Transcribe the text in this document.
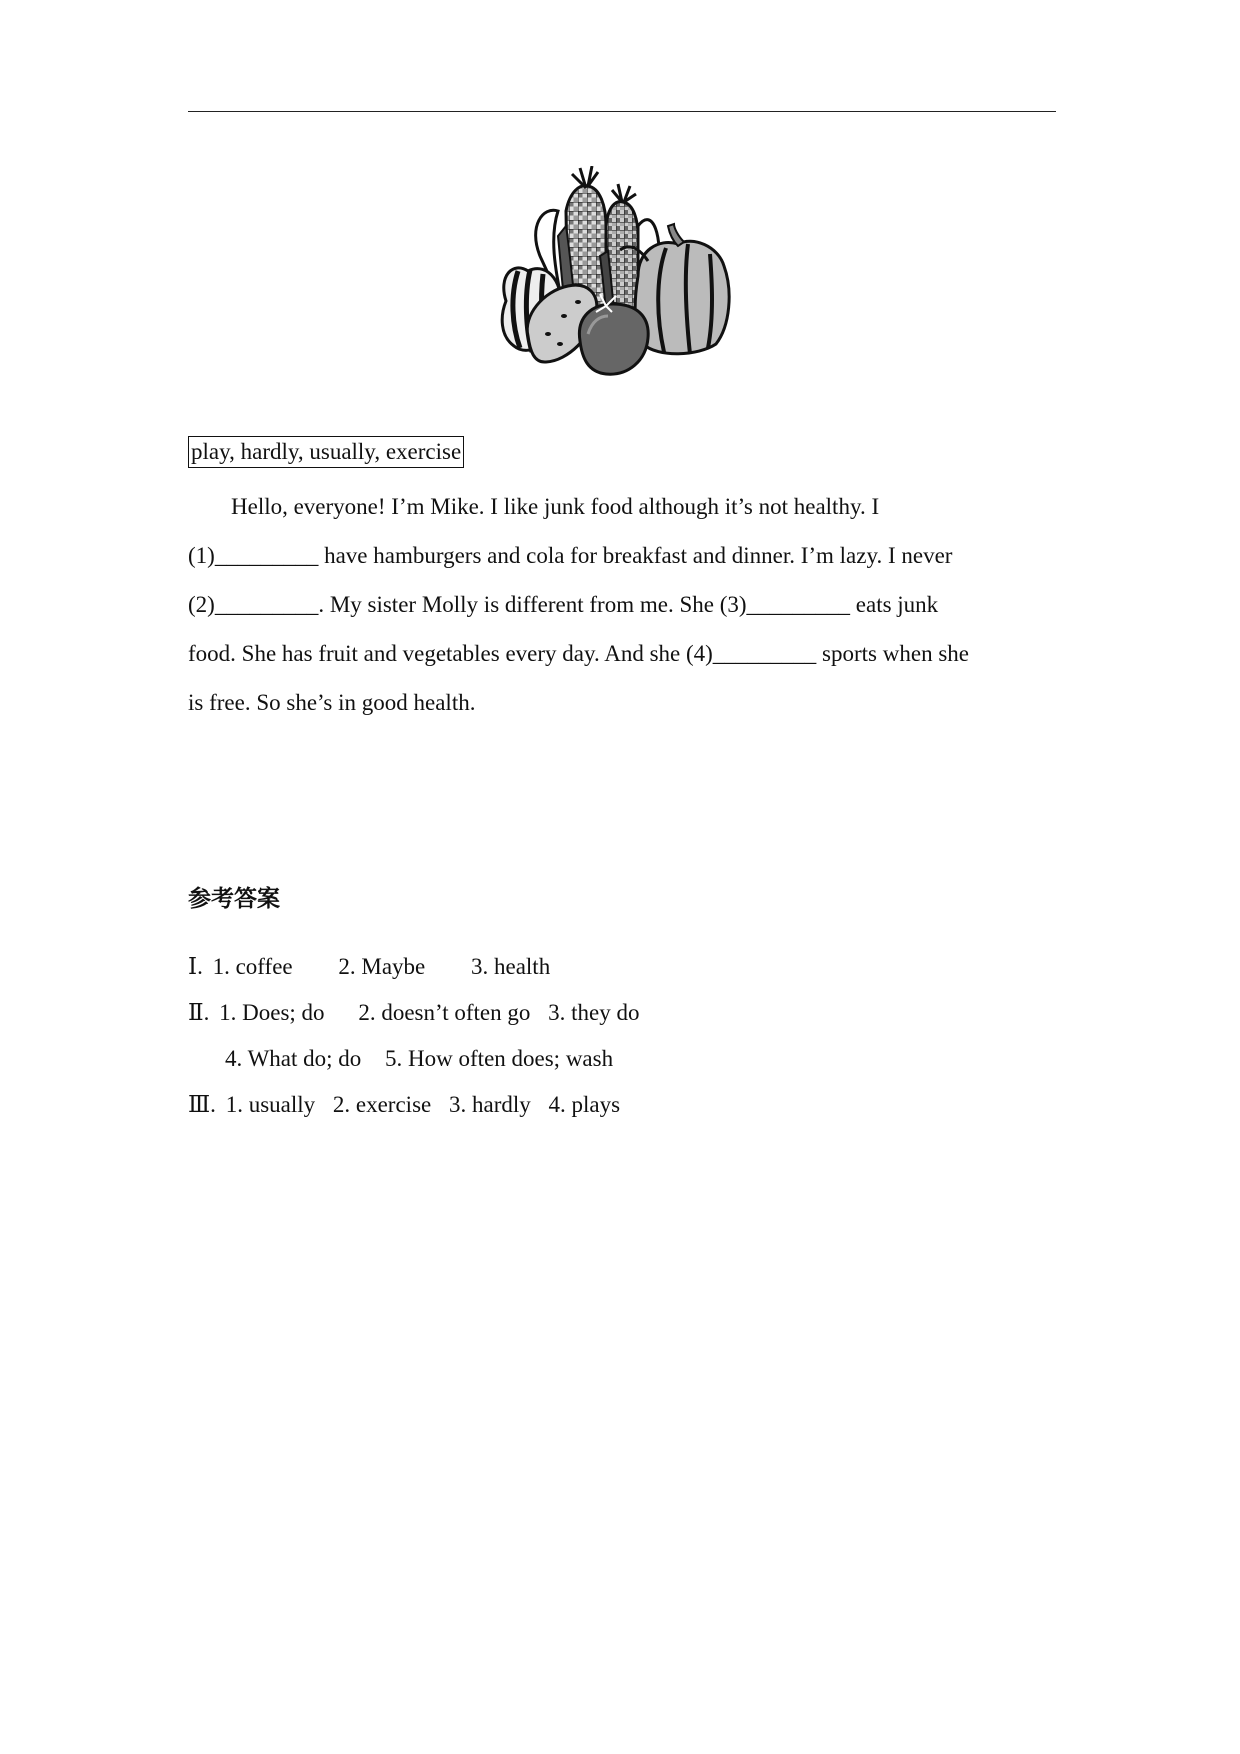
play, hardly, usually, exercise

Hello, everyone! I’m Mike. I like junk food although it’s not healthy. I

(1)_________ have hamburgers and cola for breakfast and dinner. I’m lazy. I never

(2)_________. My sister Molly is different from me. She (3)_________ eats junk

food. She has fruit and vegetables every day. And she (4)_________ sports when she

is free. So she’s in good health.

参考答案
Ⅰ. 1. coffee 2. Maybe 3. health
Ⅱ. 1. Does; do 2. doesn’t often go 3. they do
4. What do; do 5. How often does; wash
Ⅲ. 1. usually 2. exercise 3. hardly 4. plays
